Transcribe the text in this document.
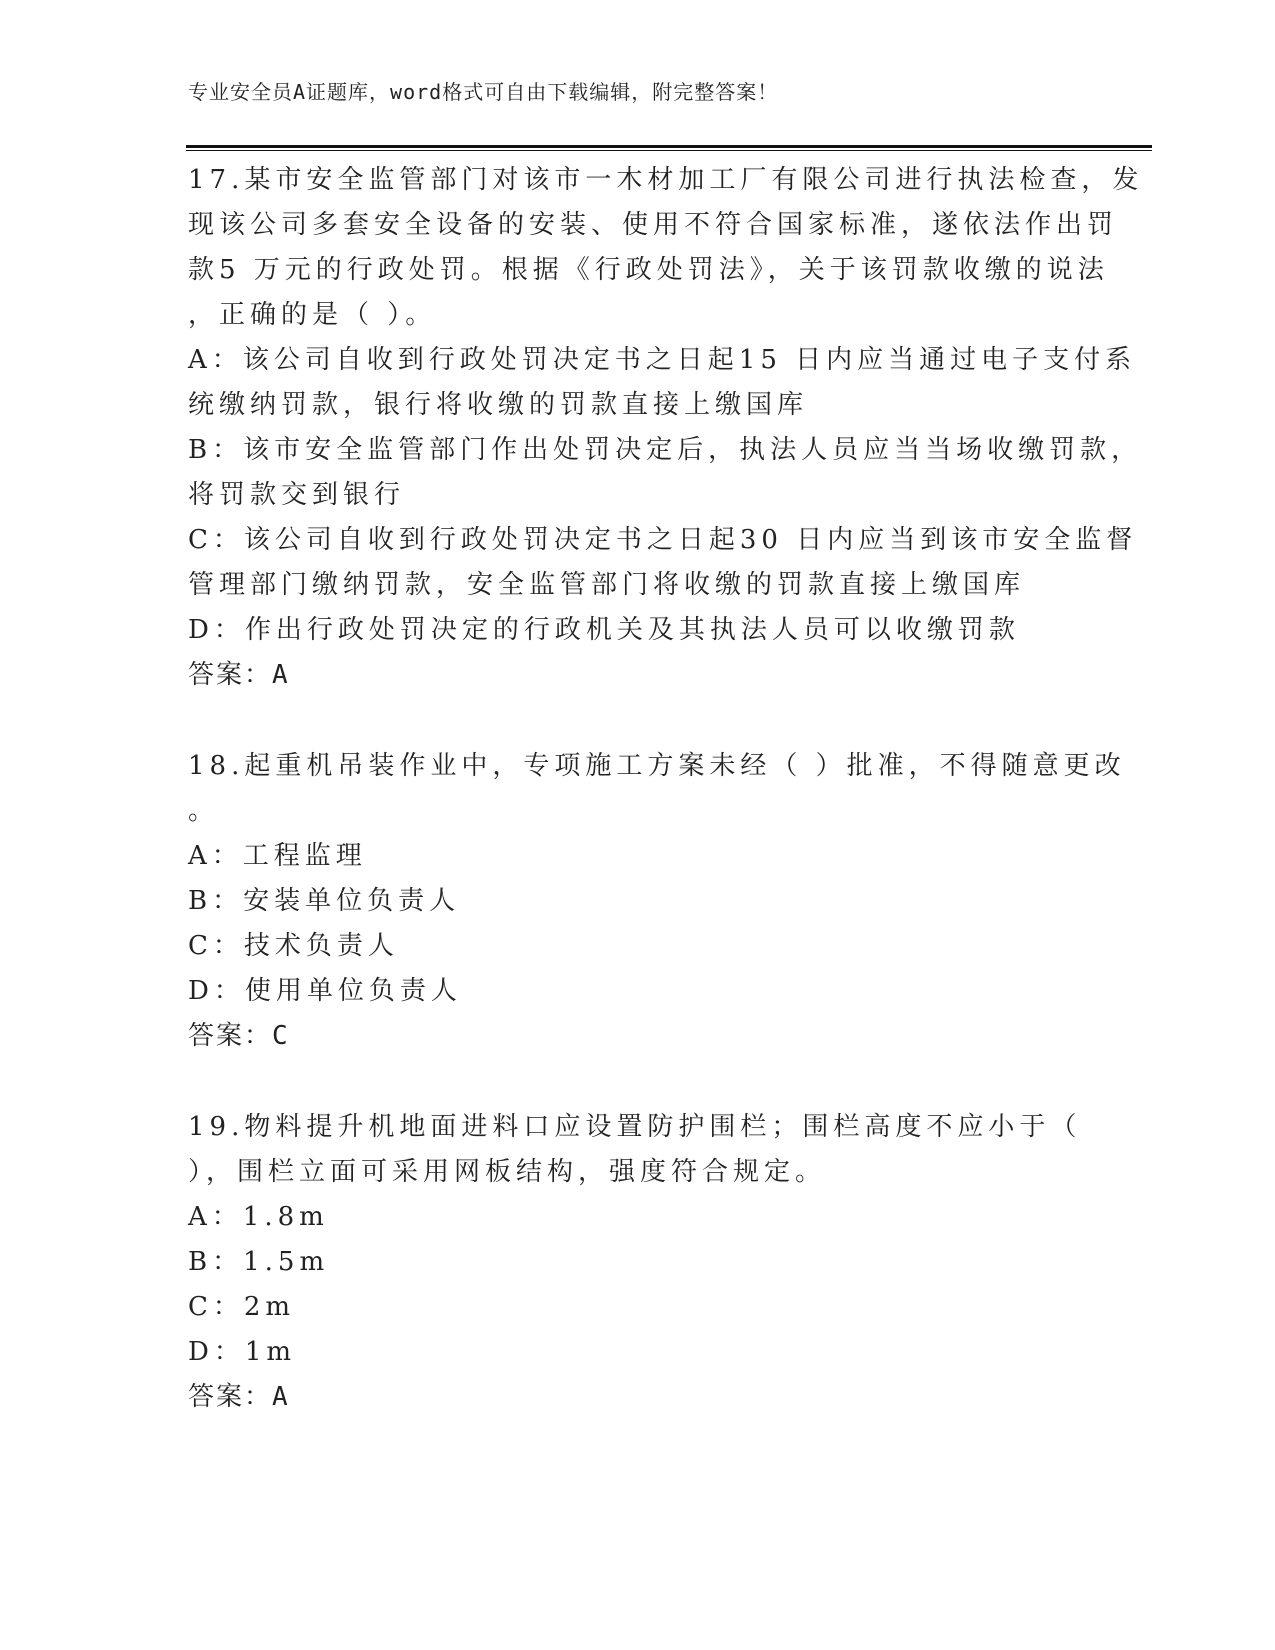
专业安全员A证题库，word格式可自由下载编辑，附完整答案！
17.某市安全监管部门对该市一木材加工厂有限公司进行执法检查，发
现该公司多套安全设备的安装、使用不符合国家标准，遂依法作出罚
款5 万元的行政处罚。根据《行政处罚法》，关于该罚款收缴的说法
，正确的是（ ）。
A：该公司自收到行政处罚决定书之日起15 日内应当通过电子支付系
统缴纳罚款，银行将收缴的罚款直接上缴国库
B：该市安全监管部门作出处罚决定后，执法人员应当当场收缴罚款，
将罚款交到银行
C：该公司自收到行政处罚决定书之日起30 日内应当到该市安全监督
管理部门缴纳罚款，安全监管部门将收缴的罚款直接上缴国库
D：作出行政处罚决定的行政机关及其执法人员可以收缴罚款
答案：A
18.起重机吊装作业中，专项施工方案未经（ ）批准，不得随意更改
。
A：工程监理
B：安装单位负责人
C：技术负责人
D：使用单位负责人
答案：C
19.物料提升机地面进料口应设置防护围栏；围栏高度不应小于（
），围栏立面可采用网板结构，强度符合规定。
A：1.8m
B：1.5m
C：2m
D：1m
答案：A
